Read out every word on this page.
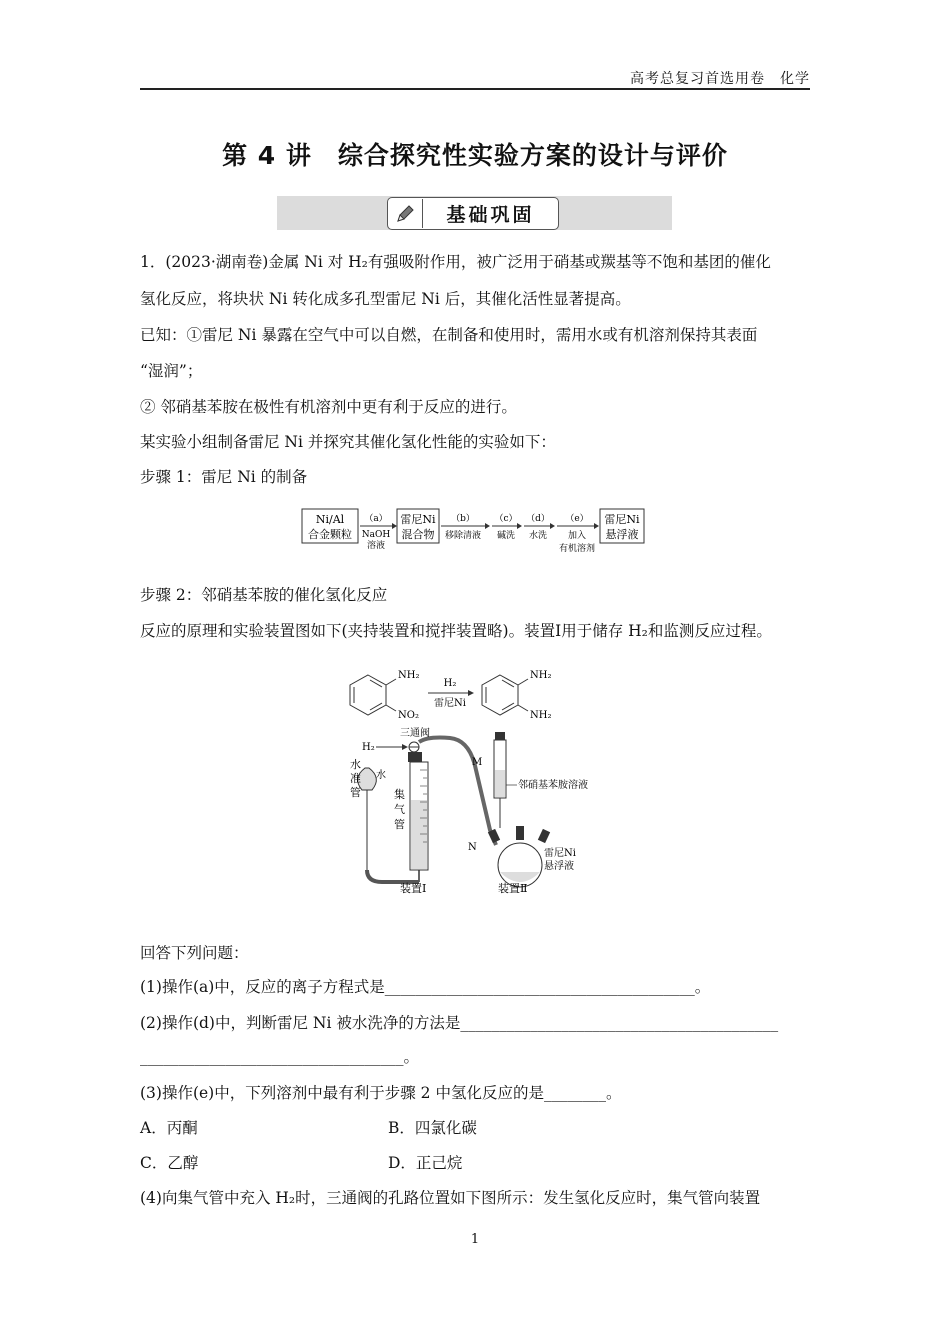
高考总复习首选用卷　化学
第 4 讲　综合探究性实验方案的设计与评价
基础巩固
1．(2023·湖南卷)金属 Ni 对 H₂有强吸附作用，被广泛用于硝基或羰基等不饱和基团的催化
氢化反应，将块状 Ni 转化成多孔型雷尼 Ni 后，其催化活性显著提高。
已知：①雷尼 Ni 暴露在空气中可以自燃，在制备和使用时，需用水或有机溶剂保持其表面
“湿润”；
② 邻硝基苯胺在极性有机溶剂中更有利于反应的进行。
某实验小组制备雷尼 Ni 并探究其催化氢化性能的实验如下：
步骤 1：雷尼 Ni 的制备
Ni/Al
合金颗粒
（a）
NaOH
溶液
雷尼Ni
混合物
（b）
移除清液
（c）
碱洗
（d）
水洗
（e）
加入
有机溶剂
雷尼Ni
悬浮液
步骤 2：邻硝基苯胺的催化氢化反应
反应的原理和实验装置图如下(夹持装置和搅拌装置略)。装置Ⅰ用于储存 H₂和监测反应过程。
NH₂
NO₂
H₂
雷尼Ni
NH₂
NH₂
三通阀
H₂
集
气
管
水
水
准
管
装置Ⅰ
N
M
邻硝基苯胺溶液
雷尼Ni
悬浮液
装置Ⅱ
回答下列问题：
(1)操作(a)中，反应的离子方程式是________________________________________。
(2)操作(d)中，判断雷尼 Ni 被水洗净的方法是_________________________________________
__________________________________。
(3)操作(e)中，下列溶剂中最有利于步骤 2 中氢化反应的是________。
A．丙酮	B．四氯化碳
C．乙醇	D．正己烷
(4)向集气管中充入 H₂时，三通阀的孔路位置如下图所示：发生氢化反应时，集气管向装置
1
